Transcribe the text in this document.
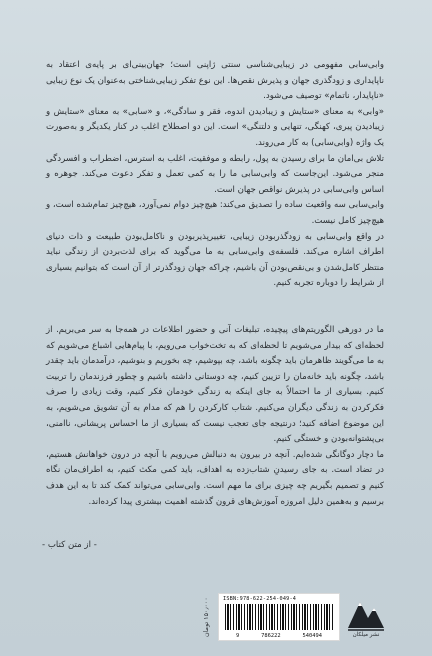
وابی‌سابی مفهومی در زیبایی‌شناسی سنتی ژاپنی است؛ جهان‌بینی‌ای بر پایه‌ی اعتقاد به ناپایداری و زودگذری جهان و پذیرش نقص‌ها. این نوع تفکر زیبایی‌شناختی به‌عنوان یک نوع زیبایی «ناپایدار، ناتمام» توصیف می‌شود.

«وابی» به معنای «ستایش و زیبادیدن اندوه، فقر و سادگی»، و «سابی» به معنای «ستایش و زیبادیدن پیری، کهنگی، تنهایی و دلتنگی» است. این دو اصطلاح اغلب در کنار یکدیگر و به‌صورت یک واژه (وابی‌سابی) به کار می‌روند.

تلاش بی‌امان ما برای رسیدن به پول، رابطه و موفقیت، اغلب به استرس، اضطراب و افسردگی منجر می‌شود. این‌جاست که وابی‌سابی ما را به کمی تعمل و تفکر دعوت می‌کند. جوهره و اساس وابی‌سابی در پذیرش نواقص جهان است.

وابی‌سابی سه واقعیت ساده را تصدیق می‌کند: هیچ‌چیز دوام نمی‌آورد، هیچ‌چیز تمام‌شده است، و هیچ‌چیز کامل نیست.

در واقع وابی‌سابی به زودگذربودن زیبایی، تغییرپذیربودن و ناکامل‌بودن طبیعت و ذات دنیای اطراف اشاره می‌کند. فلسفه‌ی وابی‌سابی به ما می‌گوید که برای لذت‌بردن از زندگی نباید منتظر کامل‌شدن و بی‌نقص‌بودن آن باشیم، چراکه جهان زودگذرتر از آن است که بتوانیم بسیاری از شرایط را دوباره تجربه کنیم.

ما در دورهی الگوریتم‌های پیچیده، تبلیغات آنی و حضور اطلاعات در همه‌جا به سر می‌بریم. از لحظه‌ای که بیدار می‌شویم تا لحظه‌ای که به تخت‌خواب می‌رویم، با پیام‌هایی اشباع می‌شویم که به ما می‌گویند ظاهرمان باید چگونه باشد، چه بپوشیم، چه بخوریم و بنوشیم، درآمدمان باید چقدر باشد، چگونه باید خانه‌مان را تزیین کنیم، چه دوستانی داشته باشیم و چطور فرزندمان را تربیت کنیم. بسیاری از ما احتمالاً به جای اینکه به زندگی خودمان فکر کنیم، وقت زیادی را صرف فکرکردن به زندگی دیگران می‌کنیم. شتاب کارکردن را هم که مدام به آن تشویق می‌شویم، به این موضوع اضافه کنید؛ درنتیجه جای تعجب نیست که بسیاری از ما احساس پریشانی، ناامنی، بی‌پشتوانه‌بودن و خستگی کنیم.

ما دچار دوگانگی شده‌ایم. آنچه در بیرون به دنبالش می‌رویم با آنچه در درون خواهانش هستیم، در تضاد است. به جای رسیدنِ شتاب‌زده به اهداف، باید کمی مکث کنیم، به اطراف‌مان نگاه کنیم و تصمیم بگیریم چه چیزی برای ما مهم است. وابی‌سابی می‌تواند کمک کند تا به این هدف برسیم و به‌همین دلیل امروزه آموزش‌های قرون گذشته اهمیت بیشتری پیدا کرده‌اند.

- از متن کتاب -
۱۵۰٫۰۰۰ تومان	ISBN:978-622-254-049-4
9	786222	540494	نشر میلکان
